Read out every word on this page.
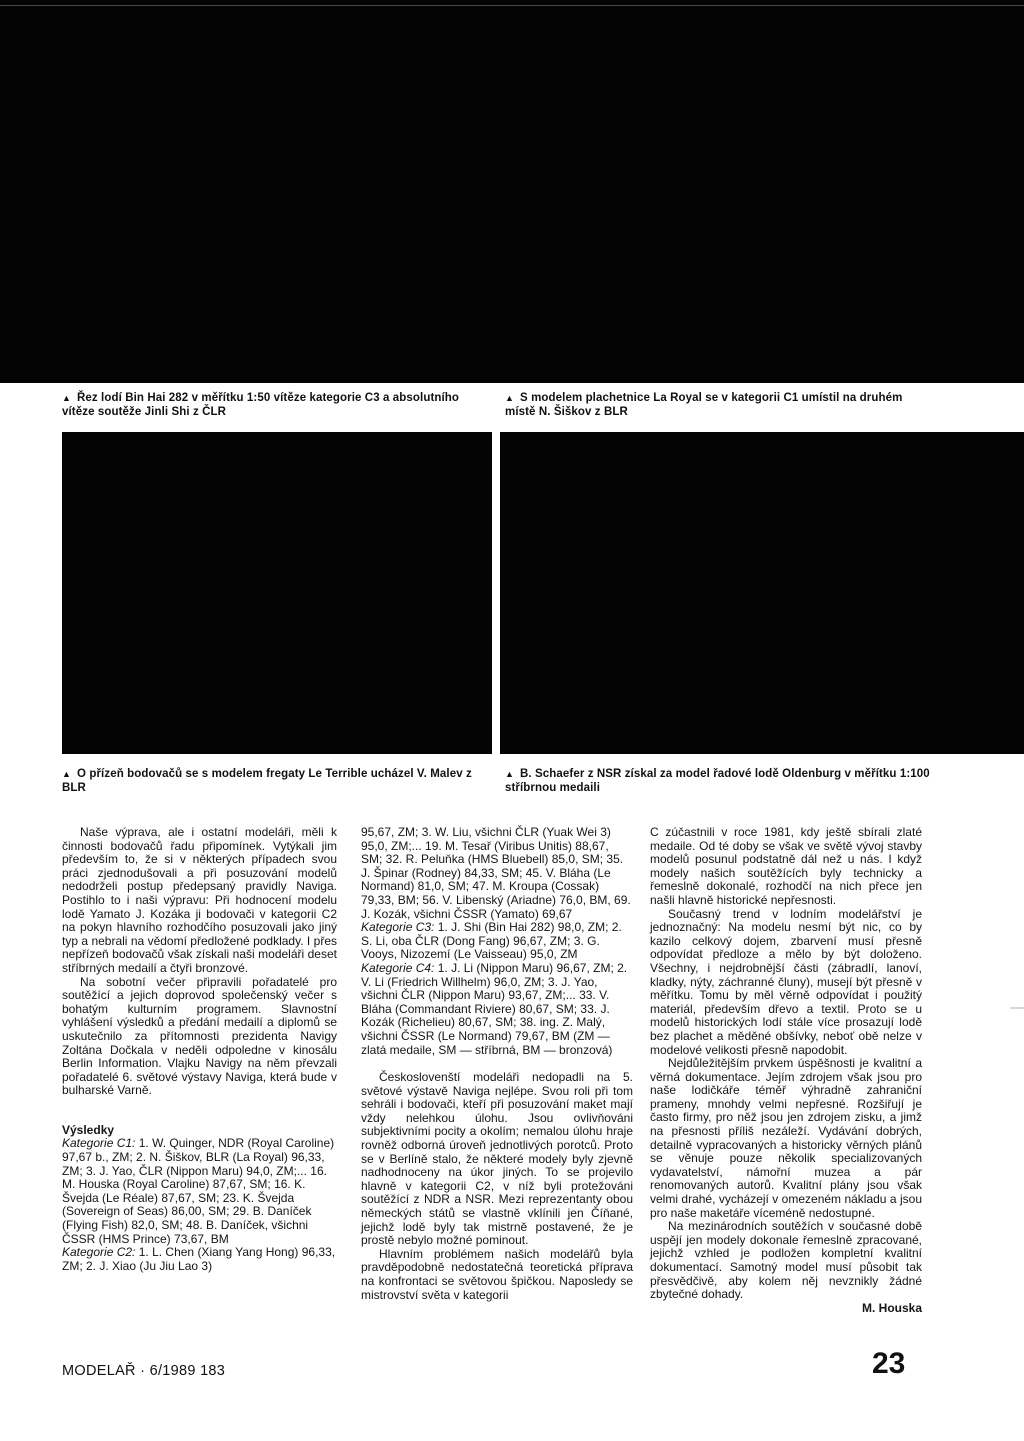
▲ Řez lodí Bin Hai 282 v měřítku 1:50 vítěze kategorie C3 a absolutního vítěze soutěže Jinli Shi z ČLR
▲ S modelem plachetnice La Royal se v kategorii C1 umístil na druhém místě N. Šiškov z BLR
▲ O přízeň bodovačů se s modelem fregaty Le Terrible ucházel V. Malev z BLR
▲ B. Schaefer z NSR získal za model řadové lodě Oldenburg v měřítku 1:100 stříbrnou medaili

Naše výprava, ale i ostatní modeláři, měli k činnosti bodovačů řadu připomínek. Vytýkali jim především to, že si v některých případech svou práci zjednodušovali a při posuzování modelů nedodrželi postup předepsaný pravidly Naviga. Postihlo to i naši výpravu: Při hodnocení modelu lodě Yamato J. Kozáka ji bodovači v kategorii C2 na pokyn hlavního rozhodčího posuzovali jako jiný typ a nebrali na vědomí předložené podklady. I přes nepřízeň bodovačů však získali naši modeláři deset stříbrných medailí a čtyři bronzové.

Na sobotní večer připravili pořadatelé pro soutěžící a jejich doprovod společenský večer s bohatým kulturním programem. Slavnostní vyhlášení výsledků a předání medailí a diplomů se uskutečnilo za přítomnosti prezidenta Navigy Zoltána Dočkala v neděli odpoledne v kinosálu Berlin Information. Vlajku Navigy na něm převzali pořadatelé 6. světové výstavy Naviga, která bude v bulharské Varně.

Výsledky

Kategorie C1: 1. W. Quinger, NDR (Royal Caroline) 97,67 b., ZM; 2. N. Šiškov, BLR (La Royal) 96,33, ZM; 3. J. Yao, ČLR (Nippon Maru) 94,0, ZM;... 16. M. Houska (Royal Caroline) 87,67, SM; 16. K. Švejda (Le Réale) 87,67, SM; 23. K. Švejda (Sovereign of Seas) 86,00, SM; 29. B. Daníček (Flying Fish) 82,0, SM; 48. B. Daníček, všichni ČSSR (HMS Prince) 73,67, BM

Kategorie C2: 1. L. Chen (Xiang Yang Hong) 96,33, ZM; 2. J. Xiao (Ju Jiu Lao 3)

95,67, ZM; 3. W. Liu, všichni ČLR (Yuak Wei 3) 95,0, ZM;... 19. M. Tesař (Viribus Unitis) 88,67, SM; 32. R. Peluňka (HMS Bluebell) 85,0, SM; 35. J. Špinar (Rodney) 84,33, SM; 45. V. Bláha (Le Normand) 81,0, SM; 47. M. Kroupa (Cossak) 79,33, BM; 56. V. Libenský (Ariadne) 76,0, BM, 69. J. Kozák, všichni ČSSR (Yamato) 69,67

Kategorie C3: 1. J. Shi (Bin Hai 282) 98,0, ZM; 2. S. Li, oba ČLR (Dong Fang) 96,67, ZM; 3. G. Vooys, Nizozemí (Le Vaisseau) 95,0, ZM

Kategorie C4: 1. J. Li (Nippon Maru) 96,67, ZM; 2. V. Li (Friedrich Willhelm) 96,0, ZM; 3. J. Yao, všichni ČLR (Nippon Maru) 93,67, ZM;... 33. V. Bláha (Commandant Riviere) 80,67, SM; 33. J. Kozák (Richelieu) 80,67, SM; 38. ing. Z. Malý, všichni ČSSR (Le Normand) 79,67, BM (ZM — zlatá medaile, SM — stříbrná, BM — bronzová)

Českoslovenští modeláři nedopadli na 5. světové výstavě Naviga nejlépe. Svou roli při tom sehráli i bodovači, kteří při posuzování maket mají vždy nelehkou úlohu. Jsou ovlivňováni subjektivními pocity a okolím; nemalou úlohu hraje rovněž odborná úroveň jednotlivých porotců. Proto se v Berlíně stalo, že některé modely byly zjevně nadhodnoceny na úkor jiných. To se projevilo hlavně v kategorii C2, v níž byli protežováni soutěžící z NDR a NSR. Mezi reprezentanty obou německých států se vlastně vklínili jen Číňané, jejichž lodě byly tak mistrně postavené, že je prostě nebylo možné pominout.

Hlavním problémem našich modelářů byla pravděpodobně nedostatečná teoretická příprava na konfrontaci se světovou špičkou. Naposledy se mistrovství světa v kategorii

C zúčastnili v roce 1981, kdy ještě sbírali zlaté medaile. Od té doby se však ve světě vývoj stavby modelů posunul podstatně dál než u nás. I když modely našich soutěžících byly technicky a řemeslně dokonalé, rozhodčí na nich přece jen našli hlavně historické nepřesnosti.

Současný trend v lodním modelářství je jednoznačný: Na modelu nesmí být nic, co by kazilo celkový dojem, zbarvení musí přesně odpovídat předloze a mělo by být doloženo. Všechny, i nejdrobnější části (zábradlí, lanoví, kladky, nýty, záchranné čluny), musejí být přesně v měřítku. Tomu by měl věrně odpovídat i použitý materiál, především dřevo a textil. Proto se u modelů historických lodí stále více prosazují lodě bez plachet a měděné obšívky, neboť obě nelze v modelové velikosti přesně napodobit.

Nejdůležitějším prvkem úspěšnosti je kvalitní a věrná dokumentace. Jejím zdrojem však jsou pro naše lodičkáře téměř výhradně zahraniční prameny, mnohdy velmi nepřesné. Rozšiřují je často firmy, pro něž jsou jen zdrojem zisku, a jimž na přesnosti příliš nezáleží. Vydávání dobrých, detailně vypracovaných a historicky věrných plánů se věnuje pouze několik specializovaných vydavatelství, námořní muzea a pár renomovaných autorů. Kvalitní plány jsou však velmi drahé, vycházejí v omezeném nákladu a jsou pro naše maketáře víceméně nedostupné.

Na mezinárodních soutěžích v současné době uspějí jen modely dokonale řemeslně zpracované, jejichž vzhled je podložen kompletní kvalitní dokumentací. Samotný model musí působit tak přesvědčivě, aby kolem něj nevznikly žádné zbytečné dohady.

M. Houska

MODELAŘ · 6/1989 183	23
